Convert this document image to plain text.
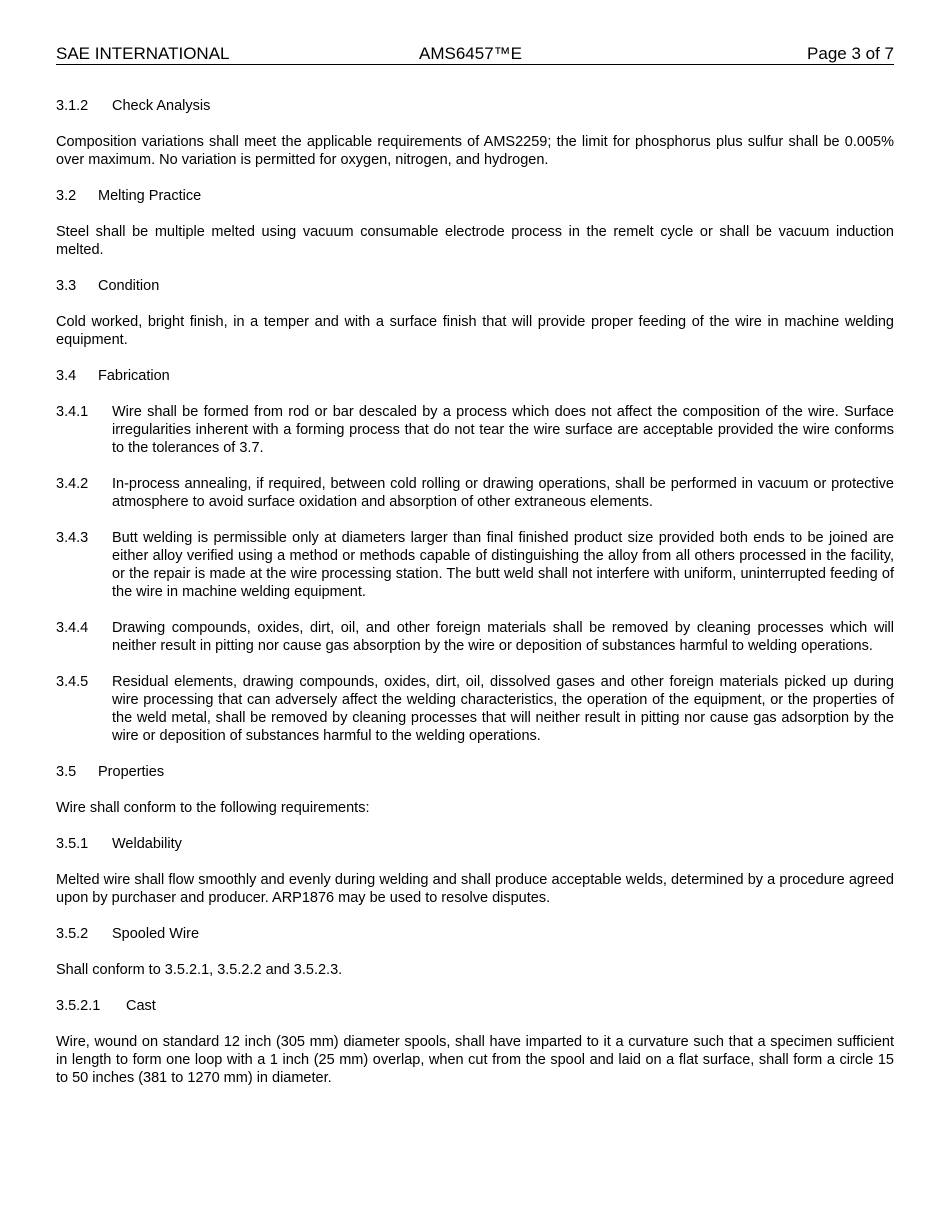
SAE INTERNATIONAL	AMS6457™E	Page 3 of 7

3.1.2 Check Analysis

Composition variations shall meet the applicable requirements of AMS2259; the limit for phosphorus plus sulfur shall be 0.005% over maximum. No variation is permitted for oxygen, nitrogen, and hydrogen.

3.2 Melting Practice

Steel shall be multiple melted using vacuum consumable electrode process in the remelt cycle or shall be vacuum induction melted.

3.3 Condition

Cold worked, bright finish, in a temper and with a surface finish that will provide proper feeding of the wire in machine welding equipment.

3.4 Fabrication

3.4.1	Wire shall be formed from rod or bar descaled by a process which does not affect the composition of the wire. Surface irregularities inherent with a forming process that do not tear the wire surface are acceptable provided the wire conforms to the tolerances of 3.7.
3.4.2	In-process annealing, if required, between cold rolling or drawing operations, shall be performed in vacuum or protective atmosphere to avoid surface oxidation and absorption of other extraneous elements.
3.4.3	Butt welding is permissible only at diameters larger than final finished product size provided both ends to be joined are either alloy verified using a method or methods capable of distinguishing the alloy from all others processed in the facility, or the repair is made at the wire processing station. The butt weld shall not interfere with uniform, uninterrupted feeding of the wire in machine welding equipment.
3.4.4	Drawing compounds, oxides, dirt, oil, and other foreign materials shall be removed by cleaning processes which will neither result in pitting nor cause gas absorption by the wire or deposition of substances harmful to welding operations.
3.4.5	Residual elements, drawing compounds, oxides, dirt, oil, dissolved gases and other foreign materials picked up during wire processing that can adversely affect the welding characteristics, the operation of the equipment, or the properties of the weld metal, shall be removed by cleaning processes that will neither result in pitting nor cause gas adsorption by the wire or deposition of substances harmful to the welding operations.

3.5 Properties

Wire shall conform to the following requirements:

3.5.1 Weldability

Melted wire shall flow smoothly and evenly during welding and shall produce acceptable welds, determined by a procedure agreed upon by purchaser and producer. ARP1876 may be used to resolve disputes.

3.5.2 Spooled Wire

Shall conform to 3.5.2.1, 3.5.2.2 and 3.5.2.3.

3.5.2.1 Cast

Wire, wound on standard 12 inch (305 mm) diameter spools, shall have imparted to it a curvature such that a specimen sufficient in length to form one loop with a 1 inch (25 mm) overlap, when cut from the spool and laid on a flat surface, shall form a circle 15 to 50 inches (381 to 1270 mm) in diameter.
